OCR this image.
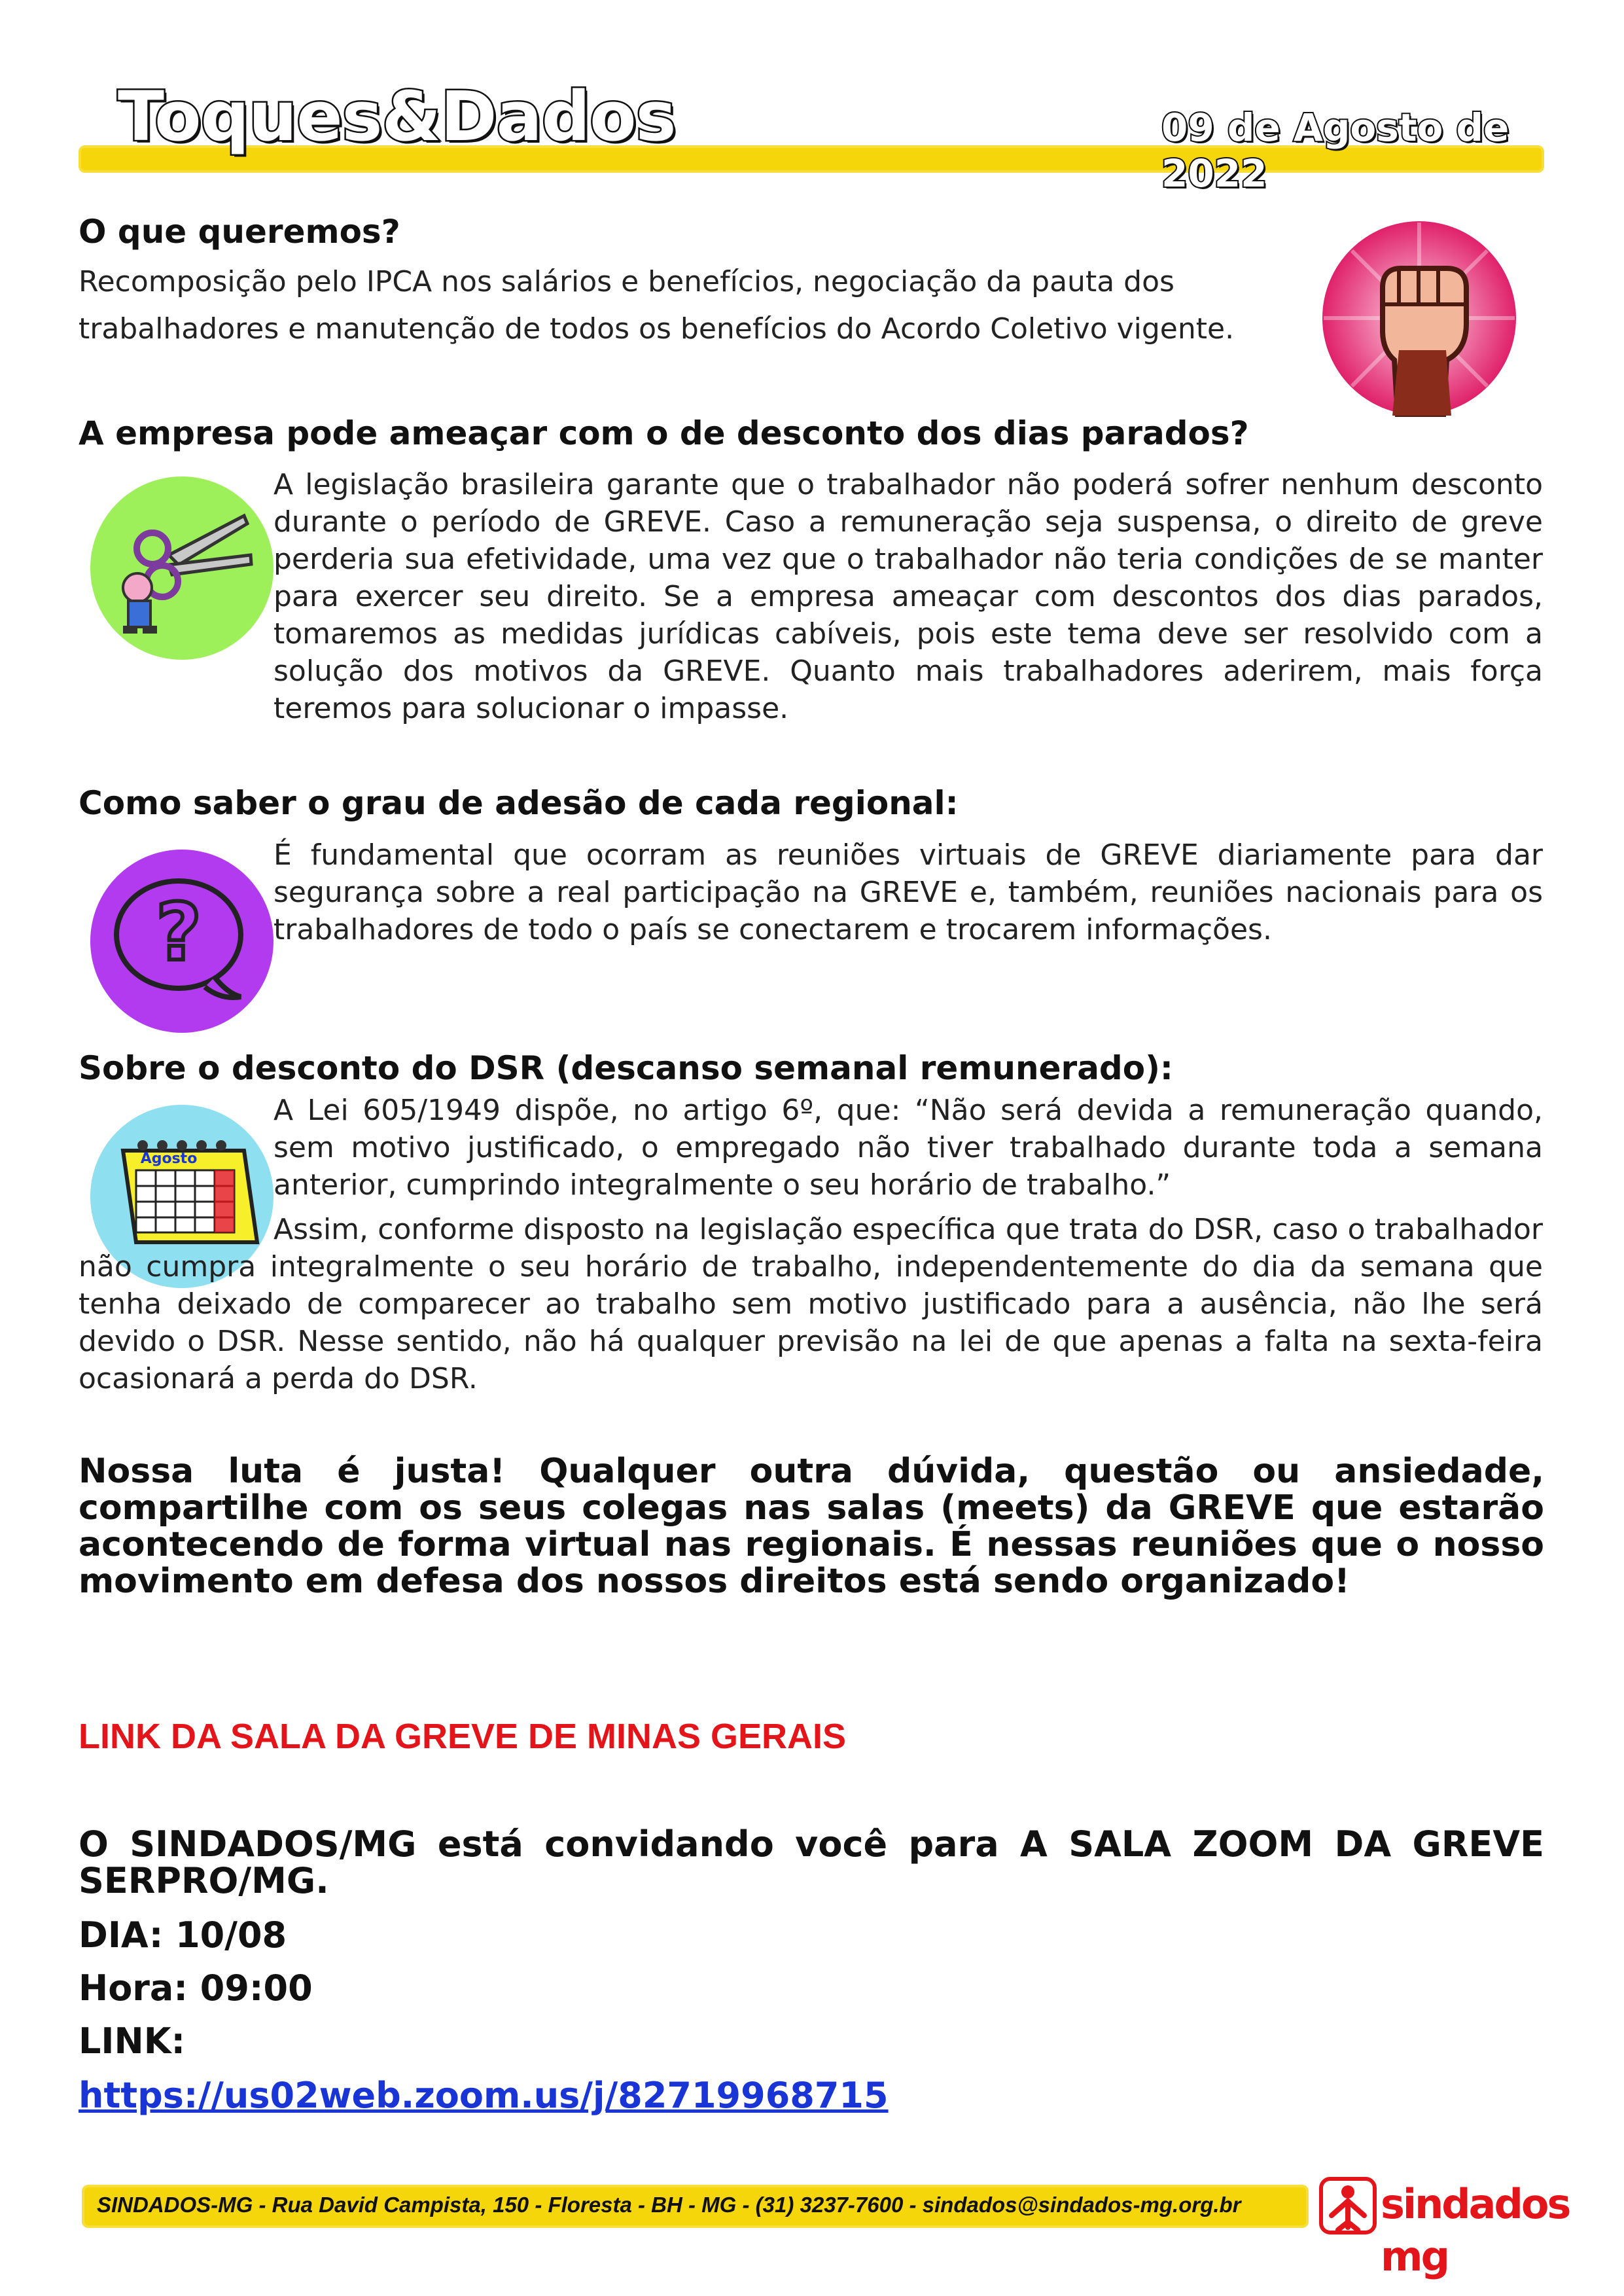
Toques&Dados	09 de Agosto de 2022
O que queremos?

Recomposição pelo IPCA nos salários e benefícios, negociação da pauta dos

trabalhadores e manutenção de todos os benefícios do Acordo Coletivo vigente.

A empresa pode ameaçar com o de desconto dos dias parados?

A legislação brasileira garante que o trabalhador não poderá sofrer nenhum desconto durante o período de GREVE. Caso a remuneração seja suspensa, o direito de greve perderia sua efetividade, uma vez que o trabalhador não teria condições de se manter para exercer seu direito. Se a empresa ameaçar com descontos dos dias parados, tomaremos as medidas jurídicas cabíveis, pois este tema deve ser resolvido com a solução dos motivos da GREVE. Quanto mais trabalhadores aderirem, mais força teremos para solucionar o impasse.

Como saber o grau de adesão de cada regional:
?

É fundamental que ocorram as reuniões virtuais de GREVE diariamente para dar segurança sobre a real participação na GREVE e, também, reuniões nacionais para os trabalhadores de todo o país se conectarem e trocarem informações.

Sobre o desconto do DSR (descanso semanal remunerado):
Agosto

A Lei 605/1949 dispõe, no artigo 6º, que: “Não será devida a remuneração quando, sem motivo justificado, o empregado não tiver trabalhado durante toda a semana anterior, cumprindo integralmente o seu horário de trabalho.”

Assim, conforme disposto na legislação específica que trata do DSR, caso o trabalhador não cumpra integralmente o seu horário de trabalho, independentemente do dia da semana que tenha deixado de comparecer ao trabalho sem motivo justificado para a ausência, não lhe será devido o DSR. Nesse sentido, não há qualquer previsão na lei de que apenas a falta na sexta-feira ocasionará a perda do DSR.

Nossa luta é justa! Qualquer outra dúvida, questão ou ansiedade, compartilhe com os seus colegas nas salas (meets) da GREVE que estarão acontecendo de forma virtual nas regionais. É nessas reuniões que o nosso movimento em defesa dos nossos direitos está sendo organizado!
LINK DA SALA DA GREVE DE MINAS GERAIS
O SINDADOS/MG está convidando você para A SALA ZOOM DA GREVE SERPRO/MG.
DIA: 10/08
Hora: 09:00
LINK:
https://us02web.zoom.us/j/82719968715
SINDADOS-MG - Rua David Campista, 150 - Floresta - BH - MG - (31) 3237-7600 - sindados@sindados-mg.org.br	sindados mg
